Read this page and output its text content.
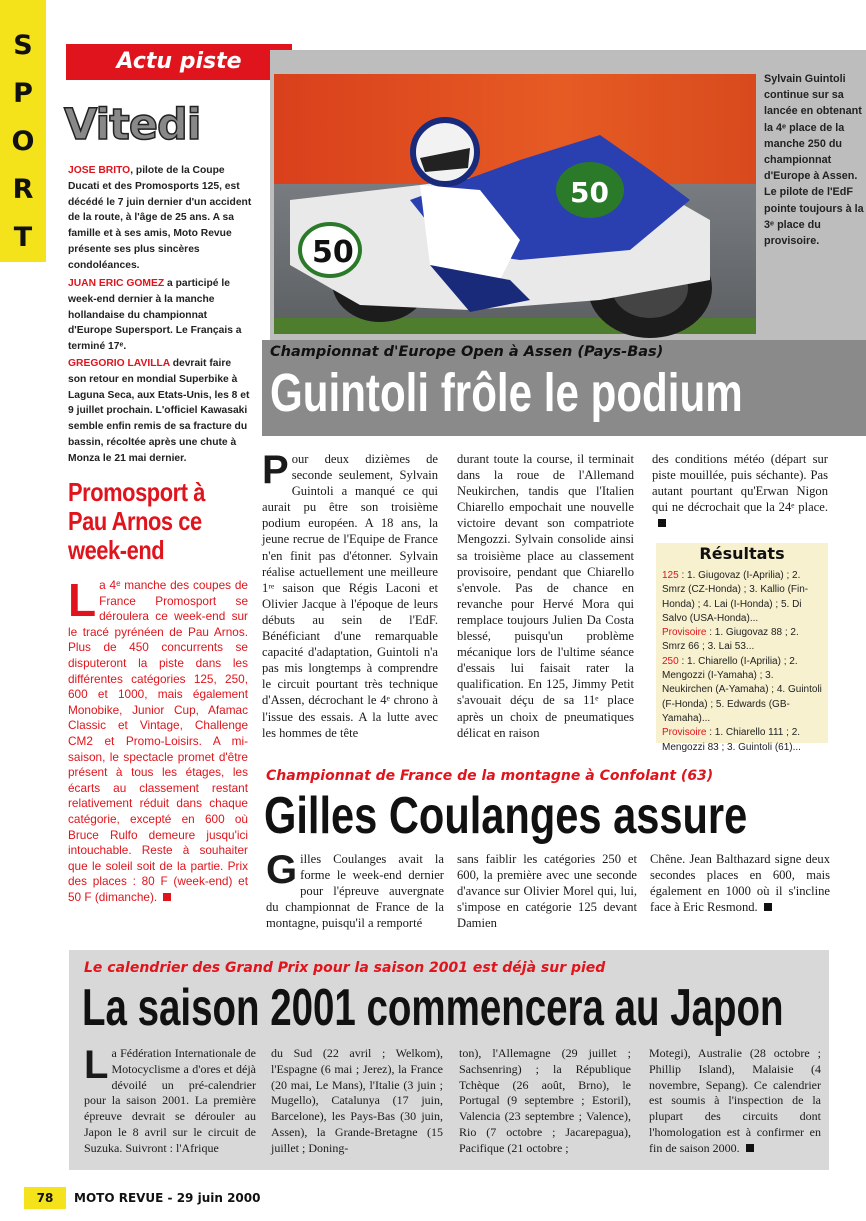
S
P
O
R
T
Actu piste
Vitedi

JOSE BRITO, pilote de la Coupe Ducati et des Promosports 125, est décédé le 7 juin dernier d'un accident de la route, à l'âge de 25 ans. A sa famille et à ses amis, Moto Revue présente ses plus sincères condoléances.

JUAN ERIC GOMEZ a participé le week-end dernier à la manche hollandaise du championnat d'Europe Supersport. Le Français a terminé 17ᵉ.

GREGORIO LAVILLA devrait faire son retour en mondial Superbike à Laguna Seca, aux Etats-Unis, les 8 et 9 juillet prochain. L'officiel Kawasaki semble enfin remis de sa fracture du bassin, récoltée après une chute à Monza le 21 mai dernier.

Promosport à Pau Arnos ce week-end
La 4ᵉ manche des coupes de France Promosport se déroulera ce week-end sur le tracé pyrénéen de Pau Arnos. Plus de 450 concurrents se disputeront la piste dans les différentes catégories 125, 250, 600 et 1000, mais également Monobike, Junior Cup, Afamac Classic et Vintage, Challenge CM2 et Promo-Loisirs. A mi-saison, le spectacle promet d'être présent à tous les étages, les écarts au classement restant relativement réduit dans chaque catégorie, excepté en 600 où Bruce Rulfo demeure jusqu'ici intouchable. Reste à souhaiter que le soleil soit de la partie. Prix des places : 80 F (week-end) et 50 F (dimanche).
50
50
Sylvain Guintoli continue sur sa lancée en obtenant la 4ᵉ place de la manche 250 du championnat d'Europe à Assen. Le pilote de l'EdF pointe toujours à la 3ᵉ place du provisoire.
Championnat d'Europe Open à Assen (Pays-Bas)
Guintoli frôle le podium
Pour deux dizièmes de seconde seulement, Sylvain Guintoli a manqué ce qui aurait pu être son troisième podium européen. A 18 ans, la jeune recrue de l'Equipe de France n'en finit pas d'étonner. Sylvain réalise actuellement une meilleure 1ʳᵉ saison que Régis Laconi et Olivier Jacque à l'époque de leurs débuts au sein de l'EdF. Bénéficiant d'une remarquable capacité d'adaptation, Guintoli n'a pas mis longtemps à comprendre le circuit pourtant très technique d'Assen, décrochant le 4ᵉ chrono à l'issue des essais. A la lutte avec les hommes de tête
durant toute la course, il terminait dans la roue de l'Allemand Neukirchen, tandis que l'Italien Chiarello empochait une nouvelle victoire devant son compatriote Mengozzi. Sylvain consolide ainsi sa troisième place au classement provisoire, pendant que Chiarello s'envole. Pas de chance en revanche pour Hervé Mora qui remplace toujours Julien Da Costa blessé, puisqu'un problème mécanique lors de l'ultime séance d'essais lui faisait rater la qualification. En 125, Jimmy Petit s'avouait déçu de sa 11ᵉ place après un choix de pneumatiques délicat en raison
des conditions météo (départ sur piste mouillée, puis séchante). Pas autant pourtant qu'Erwan Nigon qui ne décrochait que la 24ᵉ place.
Résultats
125 : 1. Giugovaz (I-Aprilia) ; 2. Smrz (CZ-Honda) ; 3. Kallio (Fin-Honda) ; 4. Lai (I-Honda) ; 5. Di Salvo (USA-Honda)...
Provisoire : 1. Giugovaz 88 ; 2. Smrz 66 ; 3. Lai 53...
250 : 1. Chiarello (I-Aprilia) ; 2. Mengozzi (I-Yamaha) ; 3. Neukirchen (A-Yamaha) ; 4. Guintoli (F-Honda) ; 5. Edwards (GB-Yamaha)...
Provisoire : 1. Chiarello 111 ; 2. Mengozzi 83 ; 3. Guintoli (61)...
Championnat de France de la montagne à Confolant (63)
Gilles Coulanges assure
Gilles Coulanges avait la forme le week-end dernier pour l'épreuve auvergnate du championnat de France de la montagne, puisqu'il a remporté
sans faiblir les catégories 250 et 600, la première avec une seconde d'avance sur Olivier Morel qui, lui, s'impose en catégorie 125 devant Damien
Chêne. Jean Balthazard signe deux secondes places en 600, mais également en 1000 où il s'incline face à Eric Resmond.
Le calendrier des Grand Prix pour la saison 2001 est déjà sur pied
La saison 2001 commencera au Japon
La Fédération Internationale de Motocyclisme a d'ores et déjà dévoilé un pré-calendrier pour la saison 2001. La première épreuve devrait se dérouler au Japon le 8 avril sur le circuit de Suzuka. Suivront : l'Afrique
du Sud (22 avril ; Welkom), l'Espagne (6 mai ; Jerez), la France (20 mai, Le Mans), l'Italie (3 juin ; Mugello), Catalunya (17 juin, Barcelone), les Pays-Bas (30 juin, Assen), la Grande-Bretagne (15 juillet ; Doning-
ton), l'Allemagne (29 juillet ; Sachsenring) ; la République Tchèque (26 août, Brno), le Portugal (9 septembre ; Estoril), Valencia (23 septembre ; Valence), Rio (7 octobre ; Jacarepagua), Pacifique (21 octobre ;
Motegi), Australie (28 octobre ; Phillip Island), Malaisie (4 novembre, Sepang). Ce calendrier est soumis à l'inspection de la plupart des circuits dont l'homologation est à confirmer en fin de saison 2000.
78 MOTO REVUE - 29 juin 2000
